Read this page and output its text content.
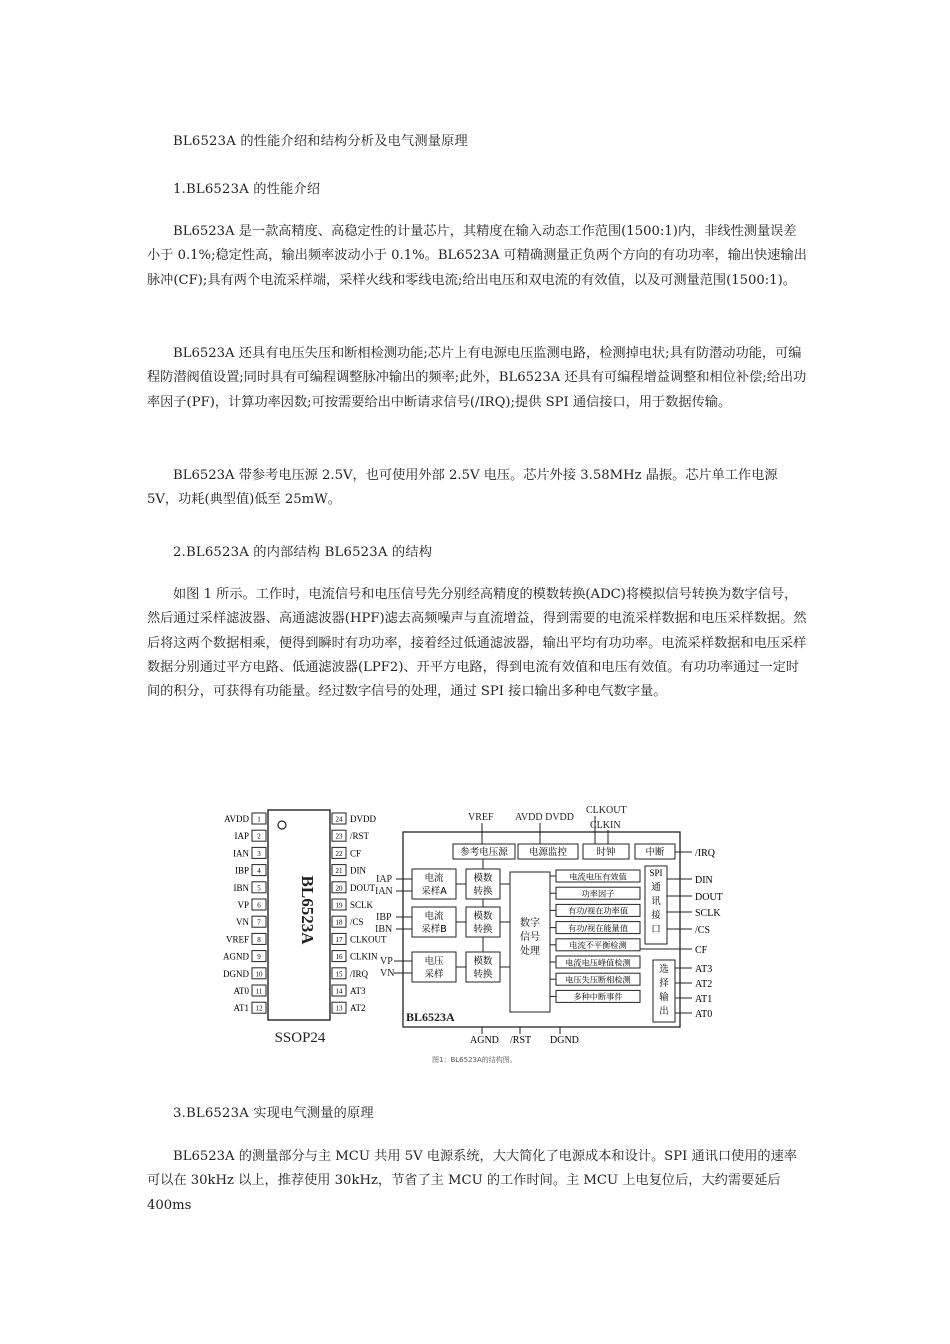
BL6523A 的性能介绍和结构分析及电气测量原理
1.BL6523A 的性能介绍

BL6523A 是一款高精度、高稳定性的计量芯片，其精度在输入动态工作范围(1500:1)内，非线性测量误差小于 0.1%;稳定性高，输出频率波动小于 0.1%。BL6523A 可精确测量正负两个方向的有功功率，输出快速输出脉冲(CF);具有两个电流采样端，采样火线和零线电流;给出电压和双电流的有效值，以及可测量范围(1500:1)。

BL6523A 还具有电压失压和断相检测功能;芯片上有电源电压监测电路，检测掉电状;具有防潜动功能，可编程防潜阀值设置;同时具有可编程调整脉冲输出的频率;此外，BL6523A 还具有可编程增益调整和相位补偿;给出功率因子(PF)，计算功率因数;可按需要给出中断请求信号(/IRQ);提供 SPI 通信接口，用于数据传输。

BL6523A 带参考电压源 2.5V，也可使用外部 2.5V 电压。芯片外接 3.58MHz 晶振。芯片单工作电源 5V，功耗(典型值)低至 25mW。

2.BL6523A 的内部结构 BL6523A 的结构

如图 1 所示。工作时，电流信号和电压信号先分别经高精度的模数转换(ADC)将模拟信号转换为数字信号，然后通过采样滤波器、高通滤波器(HPF)滤去高频噪声与直流增益，得到需要的电流采样数据和电压采样数据。然后将这两个数据相乘，便得到瞬时有功功率，接着经过低通滤波器，输出平均有功功率。电流采样数据和电压采样数据分别通过平方电路、低通滤波器(LPF2)、开平方电路，得到电流有效值和电压有效值。有功功率通过一定时间的积分，可获得有功能量。经过数字信号的处理，通过 SPI 接口输出多种电气数字量。

BL6523A
SSOP24
1
AVDD
2
IAP
3
IAN
4
IBP
5
IBN
6
VP
7
VN
8
VREF
9
AGND
10
DGND
11
AT0
12
AT1
24 DVDD
23 /RST
22 CF
21 DIN
20 DOUT
19 SCLK
18 /CS
17 CLKOUT
16 CLKIN
15 /IRQ
14 AT3
13 AT2
BL6523A
VREF AVDD DVDD
CLKOUT
CLKIN
参考电压源 电源监控	时钟	中断
IAP
IAN
IBP
IBN
VP
VN
电流
采样A
电流
采样B
电压
采样
模数
转换
模数
转换
模数
转换
数字
信号
处理
电流电压有效值
功率因子
有功/视在功率值
有功/视在能量值
电流不平衡检测
电流电压峰值检测
电压失压断相检测
多种中断事件
SPI
通
讯
接
口
选
择
输
出
/IRQ
DIN
DOUT
SCLK
/CS
CF
AT3
AT2
AT1
AT0
AGND /RST DGND
图1：BL6523A的结构图。
3.BL6523A 实现电气测量的原理

BL6523A 的测量部分与主 MCU 共用 5V 电源系统，大大简化了电源成本和设计。SPI 通讯口使用的速率可以在 30kHz 以上，推荐使用 30kHz，节省了主 MCU 的工作时间。主 MCU 上电复位后，大约需要延后 400ms
